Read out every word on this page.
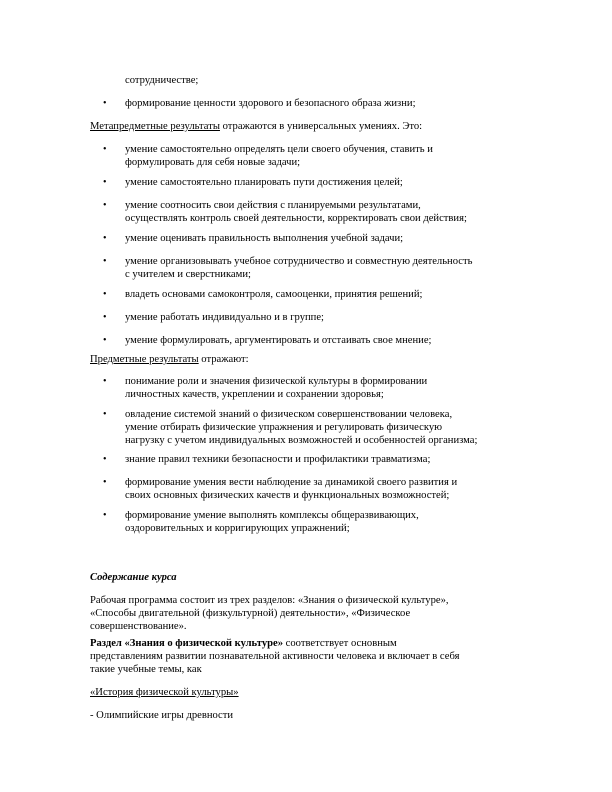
сотрудничестве;
• формирование ценности здорового и безопасного образа жизни;
Метапредметные результаты отражаются в универсальных умениях. Это:
• умение самостоятельно определять цели своего обучения, ставить и
формулировать для себя новые задачи;
• умение самостоятельно планировать пути достижения целей;
• умение соотносить свои действия с планируемыми результатами,
осуществлять контроль своей деятельности, корректировать свои действия;
• умение оценивать правильность выполнения учебной задачи;
• умение организовывать учебное сотрудничество и совместную деятельность
с учителем и сверстниками;
• владеть основами самоконтроля, самооценки, принятия решений;
• умение работать индивидуально и в группе;
• умение формулировать, аргументировать и отстаивать свое мнение;
Предметные результаты отражают:
• понимание роли и значения физической культуры в формировании
личностных качеств, укреплении и сохранении здоровья;
• овладение системой знаний о физическом совершенствовании человека,
умение отбирать физические упражнения и регулировать физическую
нагрузку с учетом индивидуальных возможностей и особенностей организма;
• знание правил техники безопасности и профилактики травматизма;
• формирование умения вести наблюдение за динамикой своего развития и
своих основных физических качеств и функциональных возможностей;
• формирование умение выполнять комплексы общеразвивающих,
оздоровительных и корригирующих упражнений;
Содержание курса
Рабочая программа состоит из трех разделов: «Знания о физической культуре»,
«Способы двигательной (физкультурной) деятельности», «Физическое
совершенствование».
Раздел «Знания о физической культуре» соответствует основным
представлениям развитии познавательной активности человека и включает в себя
такие учебные темы, как
«История физической культуры»
- Олимпийские игры древности
